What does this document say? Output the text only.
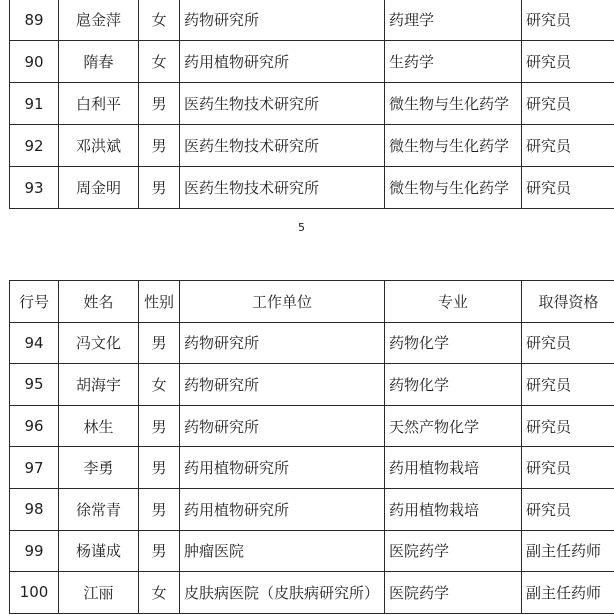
89	扈金萍	女	药物研究所	药理学	研究员
90	隋春	女	药用植物研究所	生药学	研究员
91	白利平	男	医药生物技术研究所	微生物与生化药学	研究员
92	邓洪斌	男	医药生物技术研究所	微生物与生化药学	研究员
93	周金明	男	医药生物技术研究所	微生物与生化药学	研究员
5
行号	姓名	性别	工作单位	专业	取得资格
94	冯文化	男	药物研究所	药物化学	研究员
95	胡海宇	女	药物研究所	药物化学	研究员
96	林生	男	药物研究所	天然产物化学	研究员
97	李勇	男	药用植物研究所	药用植物栽培	研究员
98	徐常青	男	药用植物研究所	药用植物栽培	研究员
99	杨谨成	男	肿瘤医院	医院药学	副主任药师
100	江丽	女	皮肤病医院（皮肤病研究所）	医院药学	副主任药师
